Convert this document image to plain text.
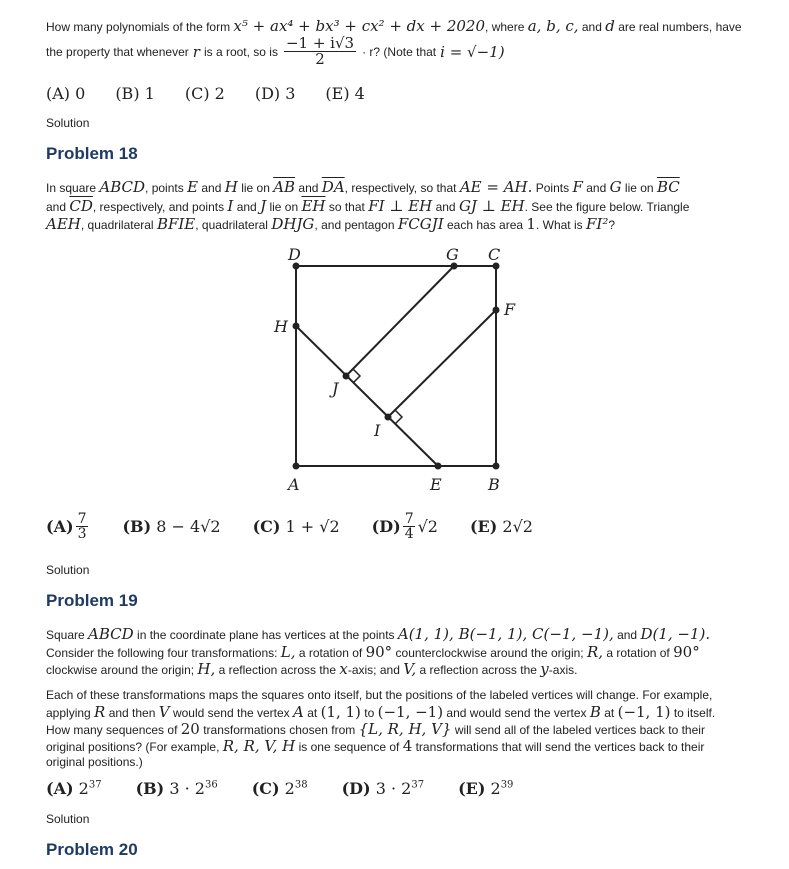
How many polynomials of the form x⁵ + ax⁴ + bx³ + cx² + dx + 2020, where a, b, c, and d are real numbers, have
the property that whenever r is a root, so is $\frac{-1 + i√3}{2} \cdot r$? (Note that i = √−1)
(A) 0 (B) 1 (C) 2 (D) 3 (E) 4
Solution
Problem 18
In square ABCD, points E and H lie on $\overline{AB}$ and $\overline{DA}$, respectively, so that AE = AH. Points F and G lie on $\overline{BC}$
and $\overline{CD}$, respectively, and points I and J lie on $\overline{EH}$ so that FI ⊥ EH and GJ ⊥ EH. See the figure below. Triangle
AEH, quadrilateral BFIE, quadrilateral DHJG, and pentagon FCGJI each has area 1. What is FI²?
A	B
C
D
E
F
G
H
I
J
$(A) \frac{7}{3} (B) 8 - 4√2$ (C) 1 + √2 $(D) \frac{7}{4} √2$ (E) 2√2
Solution
Problem 19
Square ABCD in the coordinate plane has vertices at the points A(1, 1), B(−1, 1), C(−1, −1), and D(1, −1).
Consider the following four transformations: L, a rotation of 90° counterclockwise around the origin; R, a rotation of 90°
clockwise around the origin; H, a reflection across the x-axis; and V, a reflection across the y-axis.
Each of these transformations maps the squares onto itself, but the positions of the labeled vertices will change. For example,
applying R and then V would send the vertex A at (1, 1) to (−1, −1) and would send the vertex B at (−1, 1) to itself.
How many sequences of 20 transformations chosen from {L, R, H, V} will send all of the labeled vertices back to their
original positions? (For example, R, R, V, H is one sequence of 4 transformations that will send the vertices back to their
original positions.)
(A) $2^{37}$ (B) $3 \cdot 2^{36}$ (C) $2^{38}$ (D) $3 \cdot 2^{37}$ (E) $2^{39}$
Solution
Problem 20
